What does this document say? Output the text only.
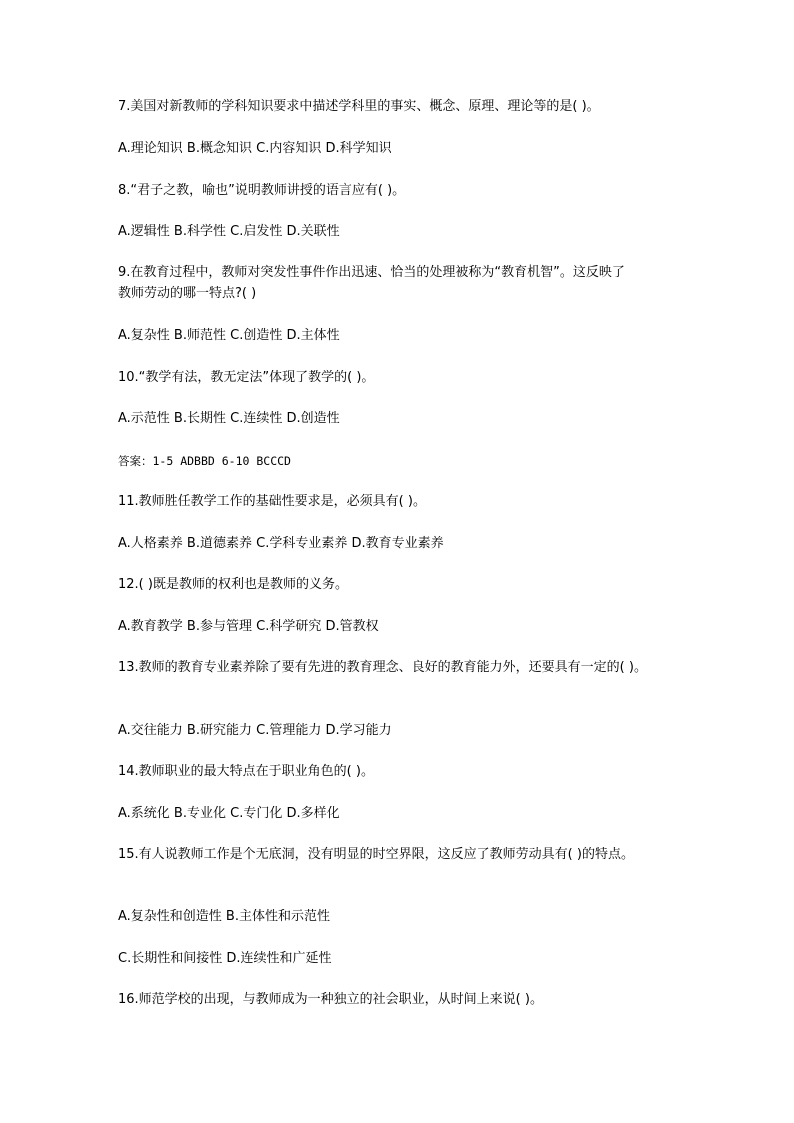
7.美国对新教师的学科知识要求中描述学科里的事实、概念、原理、理论等的是( )。
A.理论知识 B.概念知识 C.内容知识 D.科学知识
8.“君子之教，喻也”说明教师讲授的语言应有( )。
A.逻辑性 B.科学性 C.启发性 D.关联性
9.在教育过程中，教师对突发性事件作出迅速、恰当的处理被称为“教育机智”。这反映了
教师劳动的哪一特点?( )
A.复杂性 B.师范性 C.创造性 D.主体性
10.“教学有法，教无定法”体现了教学的( )。
A.示范性 B.长期性 C.连续性 D.创造性
答案：1-5 ADBBD 6-10 BCCCD
11.教师胜任教学工作的基础性要求是，必须具有( )。
A.人格素养 B.道德素养 C.学科专业素养 D.教育专业素养
12.( )既是教师的权利也是教师的义务。
A.教育教学 B.参与管理 C.科学研究 D.管教权
13.教师的教育专业素养除了要有先进的教育理念、良好的教育能力外，还要具有一定的( )。
A.交往能力 B.研究能力 C.管理能力 D.学习能力
14.教师职业的最大特点在于职业角色的( )。
A.系统化 B.专业化 C.专门化 D.多样化
15.有人说教师工作是个无底洞，没有明显的时空界限，这反应了教师劳动具有( )的特点。
A.复杂性和创造性 B.主体性和示范性
C.长期性和间接性 D.连续性和广延性
16.师范学校的出现，与教师成为一种独立的社会职业，从时间上来说( )。
